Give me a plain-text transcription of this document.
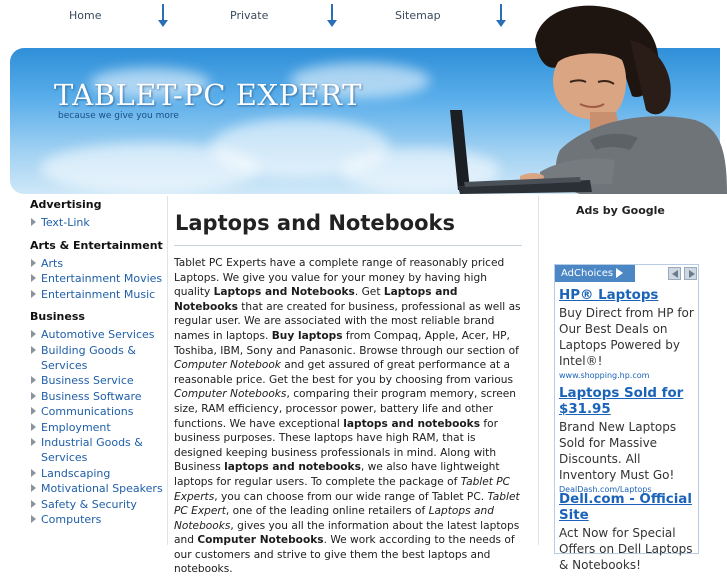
Home	Private	Sitemap
TABLET-PC EXPERT
because we give you more
Advertising
Text-Link
Arts & Entertainment
Arts
Entertainment Movies
Entertainment Music
Business
Automotive Services
Building Goods & Services
Business Service
Business Software
Communications
Employment
Industrial Goods & Services
Landscaping
Motivational Speakers
Safety & Security
Computers
Laptops and Notebooks
Tablet PC Experts have a complete range of reasonably priced Laptops. We give you value for your money by having high quality Laptops and Notebooks. Get Laptops and Notebooks that are created for business, professional as well as regular user. We are associated with the most reliable brand names in laptops. Buy laptops from Compaq, Apple, Acer, HP, Toshiba, IBM, Sony and Panasonic. Browse through our section of Computer Notebook and get assured of great performance at a reasonable price. Get the best for you by choosing from various Computer Notebooks, comparing their program memory, screen size, RAM efficiency, processor power, battery life and other functions. We have exceptional laptops and notebooks for business purposes. These laptops have high RAM, that is designed keeping business professionals in mind. Along with Business laptops and notebooks, we also have lightweight laptops for regular users. To complete the package of Tablet PC Experts, you can choose from our wide range of Tablet PC. Tablet PC Expert, one of the leading online retailers of Laptops and Notebooks, gives you all the information about the latest laptops and Computer Notebooks. We work according to the needs of our customers and strive to give them the best laptops and notebooks.
Ads by Google
AdChoices
HP® Laptops
Buy Direct from HP for Our Best Deals on Laptops Powered by Intel®!
www.shopping.hp.com
Laptops Sold for $31.95
Brand New Laptops Sold for Massive Discounts. All Inventory Must Go!
DealDash.com/Laptops
Dell.com - Official Site
Act Now for Special Offers on Dell Laptops & Notebooks!
